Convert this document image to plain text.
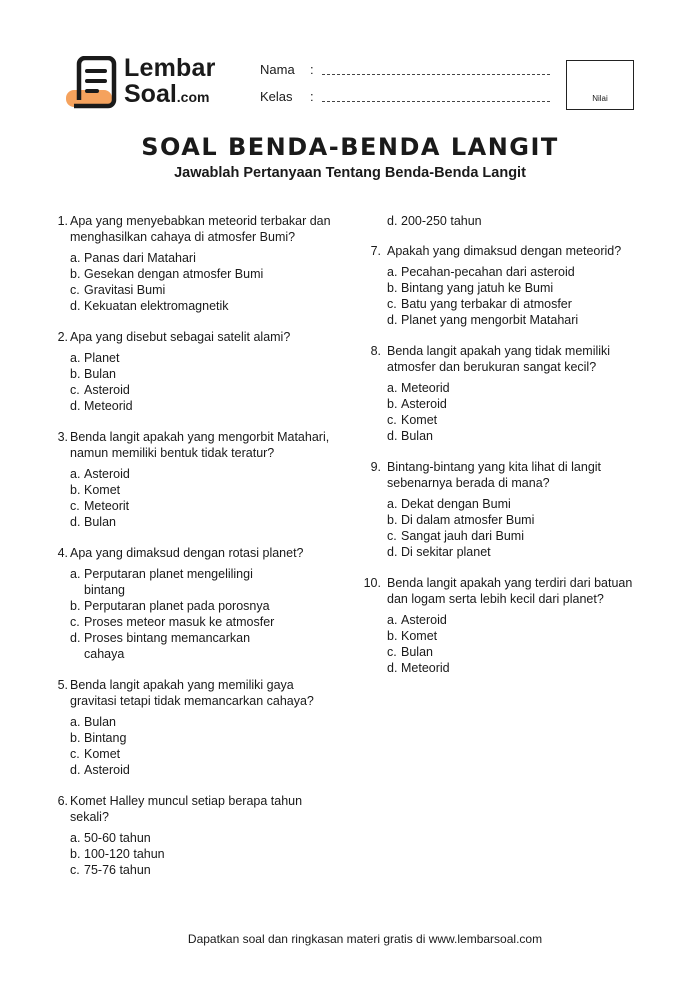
Lembar
Soal.com
Nama :
Kelas :	Nilai
SOAL BENDA-BENDA LANGIT
Jawablah Pertanyaan Tentang Benda-Benda Langit
1. Apa yang menyebabkan meteorid terbakar dan menghasilkan cahaya di atmosfer Bumi?
a. Panas dari Matahari
b. Gesekan dengan atmosfer Bumi
c. Gravitasi Bumi
d. Kekuatan elektromagnetik
2. Apa yang disebut sebagai satelit alami?
a. Planet
b. Bulan
c. Asteroid
d. Meteorid
3. Benda langit apakah yang mengorbit Matahari, namun memiliki bentuk tidak teratur?
a. Asteroid
b. Komet
c. Meteorit
d. Bulan
4. Apa yang dimaksud dengan rotasi planet?
a. Perputaran planet mengelilingi bintang
b. Perputaran planet pada porosnya
c. Proses meteor masuk ke atmosfer
d. Proses bintang memancarkan cahaya
5. Benda langit apakah yang memiliki gaya gravitasi tetapi tidak memancarkan cahaya?
a. Bulan
b. Bintang
c. Komet
d. Asteroid
6. Komet Halley muncul setiap berapa tahun sekali?
a. 50-60 tahun
b. 100-120 tahun
c. 75-76 tahun
d. 200-250 tahun
7. Apakah yang dimaksud dengan meteorid?
a. Pecahan-pecahan dari asteroid
b. Bintang yang jatuh ke Bumi
c. Batu yang terbakar di atmosfer
d. Planet yang mengorbit Matahari
8. Benda langit apakah yang tidak memiliki atmosfer dan berukuran sangat kecil?
a. Meteorid
b. Asteroid
c. Komet
d. Bulan
9. Bintang-bintang yang kita lihat di langit sebenarnya berada di mana?
a. Dekat dengan Bumi
b. Di dalam atmosfer Bumi
c. Sangat jauh dari Bumi
d. Di sekitar planet
10. Benda langit apakah yang terdiri dari batuan dan logam serta lebih kecil dari planet?
a. Asteroid
b. Komet
c. Bulan
d. Meteorid
Dapatkan soal dan ringkasan materi gratis di www.lembarsoal.com
